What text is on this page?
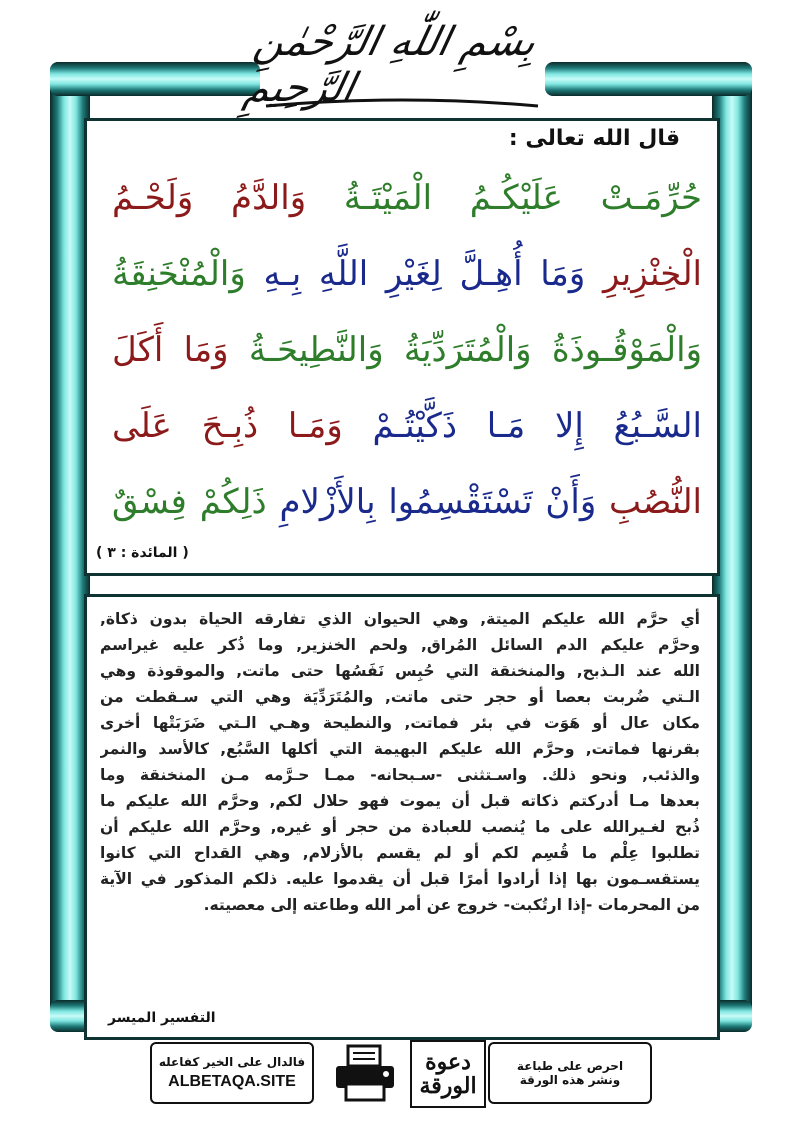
بِسْمِ اللّٰهِ الرَّحْمٰنِ الرَّحِيمِ
قال الله تعالى :
حُرِّمَـتْ عَلَيْكُـمُ الْمَيْتَـةُ وَالدَّمُ وَلَحْـمُ
الْخِنْزِيرِ وَمَا أُهِـلَّ لِغَيْرِ اللَّهِ بِـهِ وَالْمُنْخَنِقَةُ
وَالْمَوْقُـوذَةُ وَالْمُتَرَدِّيَةُ وَالنَّطِيحَـةُ وَمَا أَكَلَ
السَّـبُعُ إِلا مَـا ذَكَّيْتُـمْ وَمَـا ذُبِـحَ عَلَى
النُّصُبِ وَأَنْ تَسْتَقْسِمُوا بِالأَزْلامِ ذَلِكُمْ فِسْقٌ
( المائدة : ٣ )
أي حرَّم الله عليكم الميتة, وهي الحيوان الذي تفارقه الحياة بدون ذكاة,
وحرَّم عليكم الدم السائل المُراق, ولحم الخنزير, وما ذُكر عليه غيراسم
الله عند الـذبح, والمنخنقة التي حُبِس نَفَسُها حتى ماتت, والموقوذة وهي
الـتي ضُربت بعصا أو حجر حتى ماتت, والمُتَرَدِّيَة وهي التي سـقطت من
مكان عال أو هَوَت في بئر فماتت, والنطيحة وهـي الـتي ضَرَبَتْها أخرى
بقرنها فماتت, وحرَّم الله عليكم البهيمة التي أكلها السَّبُع, كالأسد والنمر
والذئب, ونحو ذلك. واسـتثنى -سـبحانه- ممـا حـرَّمه مـن المنخنقة وما
بعدها مـا أدركتم ذكاته قبل أن يموت فهو حلال لكم, وحرَّم الله عليكم ما
ذُبح لغـيرالله على ما يُنصب للعبادة من حجر أو غيره, وحرَّم الله عليكم أن
تطلبوا عِلْم ما قُسِم لكم أو لم يقسم بالأزلام, وهي القداح التي كانوا
يستقسـمون بها إذا أرادوا أمرًا قبل أن يقدموا عليه. ذلكم المذكور في الآية
من المحرمات -إذا ارتُكبت- خروج عن أمر الله وطاعته إلى معصيته.
التفسير الميسر
فالدال على الخير كفاعله
ALBETAQA.SITE
دعوة الورقة
احرص على طباعة
ونشر هذه الورقة
